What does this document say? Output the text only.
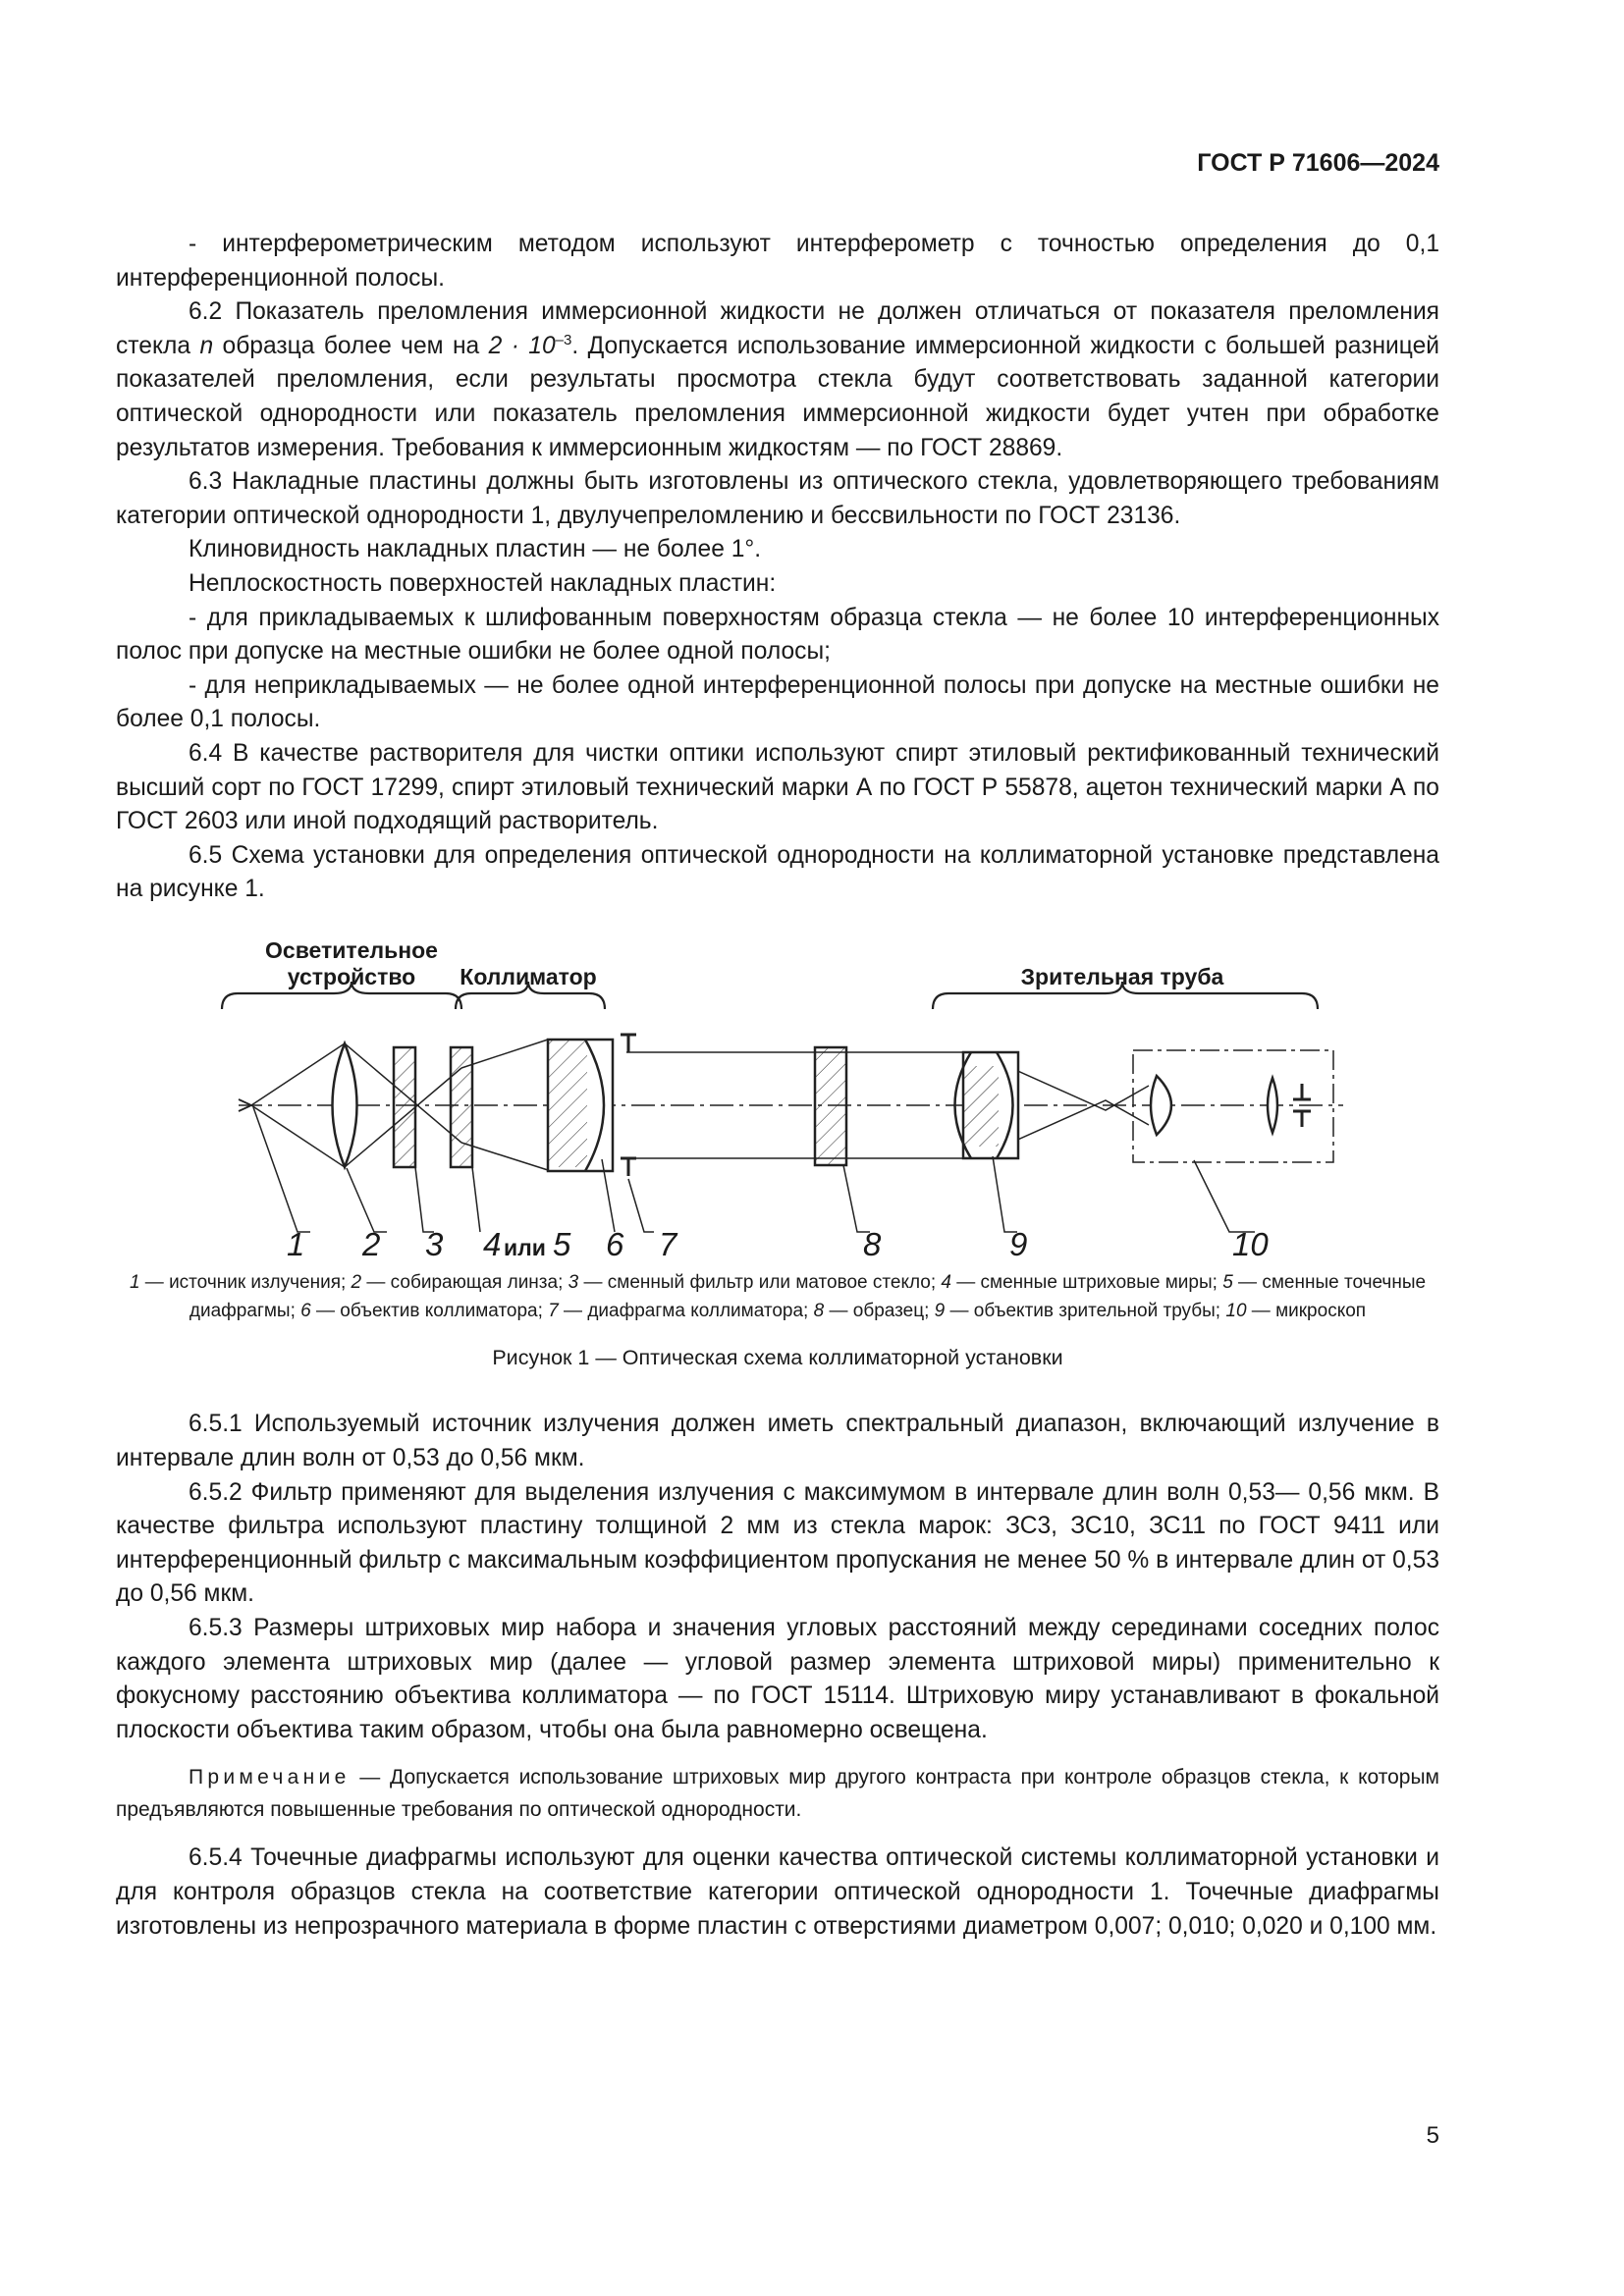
ГОСТ Р 71606—2024

- интерферометрическим методом используют интерферометр с точностью определения до 0,1 интерференционной полосы.

6.2 Показатель преломления иммерсионной жидкости не должен отличаться от показателя преломления стекла n образца более чем на $2 \cdot 10^{-3}$. Допускается использование иммерсионной жидкости с большей разницей показателей преломления, если результаты просмотра стекла будут соответствовать заданной категории оптической однородности или показатель преломления иммерсионной жидкости будет учтен при обработке результатов измерения. Требования к иммерсионным жидкостям — по ГОСТ 28869.

6.3 Накладные пластины должны быть изготовлены из оптического стекла, удовлетворяющего требованиям категории оптической однородности 1, двулучепреломлению и бессвильности по ГОСТ 23136.

Клиновидность накладных пластин — не более 1°.

Неплоскостность поверхностей накладных пластин:

- для прикладываемых к шлифованным поверхностям образца стекла — не более 10 интерференционных полос при допуске на местные ошибки не более одной полосы;

- для неприкладываемых — не более одной интерференционной полосы при допуске на местные ошибки не более 0,1 полосы.

6.4 В качестве растворителя для чистки оптики используют спирт этиловый ректификованный технический высший сорт по ГОСТ 17299, спирт этиловый технический марки А по ГОСТ Р 55878, ацетон технический марки А по ГОСТ 2603 или иной подходящий растворитель.

6.5 Схема установки для определения оптической однородности на коллиматорной установке представлена на рисунке 1.

Осветительное
устройство Коллиматор	Зрительная труба
1 2 3 4 или 5 6 7	8	9	10

1 — источник излучения; 2 — собирающая линза; 3 — сменный фильтр или матовое стекло; 4 — сменные штриховые миры; 5 — сменные точечные диафрагмы; 6 — объектив коллиматора; 7 — диафрагма коллиматора; 8 — образец; 9 — объектив зрительной трубы; 10 — микроскоп

Рисунок 1 — Оптическая схема коллиматорной установки

6.5.1 Используемый источник излучения должен иметь спектральный диапазон, включающий излучение в интервале длин волн от 0,53 до 0,56 мкм.

6.5.2 Фильтр применяют для выделения излучения с максимумом в интервале длин волн 0,53— 0,56 мкм. В качестве фильтра используют пластину толщиной 2 мм из стекла марок: ЗС3, ЗС10, ЗС11 по ГОСТ 9411 или интерференционный фильтр с максимальным коэффициентом пропускания не менее 50 % в интервале длин от 0,53 до 0,56 мкм.

6.5.3 Размеры штриховых мир набора и значения угловых расстояний между серединами соседних полос каждого элемента штриховых мир (далее — угловой размер элемента штриховой миры) применительно к фокусному расстоянию объектива коллиматора — по ГОСТ 15114. Штриховую миру устанавливают в фокальной плоскости объектива таким образом, чтобы она была равномерно освещена.

Примечание — Допускается использование штриховых мир другого контраста при контроле образцов стекла, к которым предъявляются повышенные требования по оптической однородности.

6.5.4 Точечные диафрагмы используют для оценки качества оптической системы коллиматорной установки и для контроля образцов стекла на соответствие категории оптической однородности 1. Точечные диафрагмы изготовлены из непрозрачного материала в форме пластин с отверстиями диаметром 0,007; 0,010; 0,020 и 0,100 мм.

5
